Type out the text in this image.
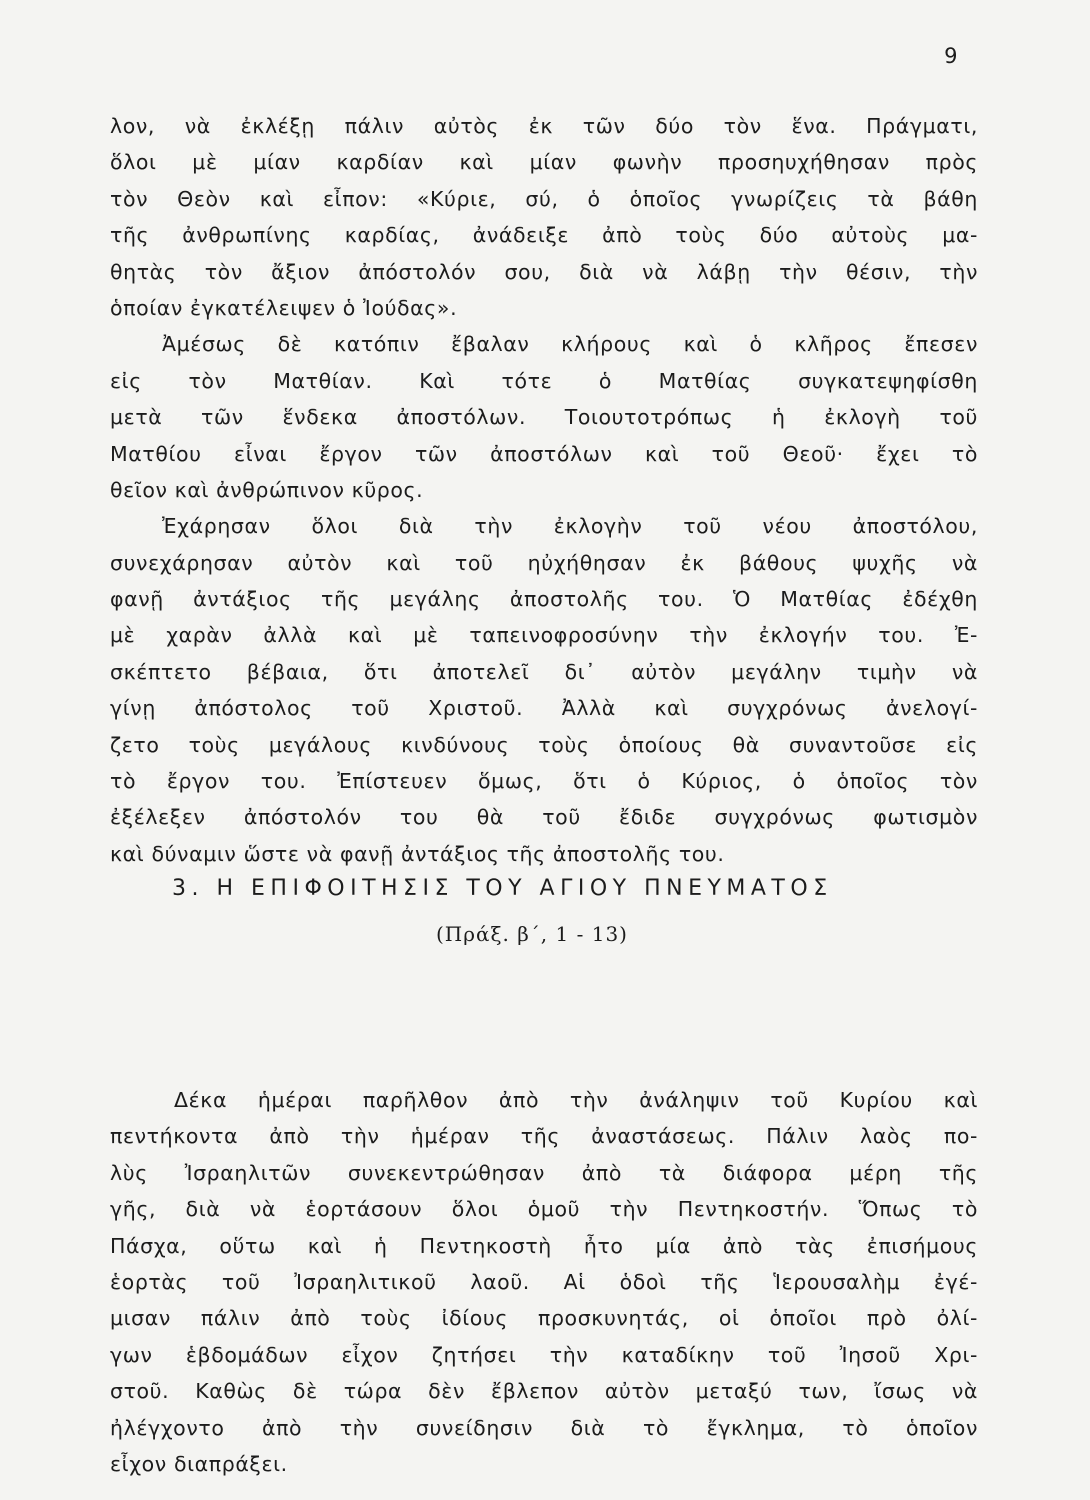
9
λον, νὰ ἐκλέξῃ πάλιν αὐτὸς ἐκ τῶν δύο τὸν ἕνα. Πράγματι,
ὅλοι μὲ μίαν καρδίαν καὶ μίαν φωνὴν προσηυχήθησαν πρὸς
τὸν Θεὸν καὶ εἶπον: «Κύριε, σύ, ὁ ὁποῖος γνωρίζεις τὰ βάθη
τῆς ἀνθρωπίνης καρδίας, ἀνάδειξε ἀπὸ τοὺς δύο αὐτοὺς μα-
θητὰς τὸν ἄξιον ἀπόστολόν σου, διὰ νὰ λάβῃ τὴν θέσιν, τὴν
ὁποίαν ἐγκατέλειψεν ὁ Ἰούδας».
Ἀμέσως δὲ κατόπιν ἔβαλαν κλήρους καὶ ὁ κλῆρος ἔπεσεν
εἰς τὸν Ματθίαν. Καὶ τότε ὁ Ματθίας συγκατεψηφίσθη
μετὰ τῶν ἕνδεκα ἀποστόλων. Τοιουτοτρόπως ἡ ἐκλογὴ τοῦ
Ματθίου εἶναι ἔργον τῶν ἀποστόλων καὶ τοῦ Θεοῦ· ἔχει τὸ
θεῖον καὶ ἀνθρώπινον κῦρος.
Ἐχάρησαν ὅλοι διὰ τὴν ἐκλογὴν τοῦ νέου ἀποστόλου,
συνεχάρησαν αὐτὸν καὶ τοῦ ηὐχήθησαν ἐκ βάθους ψυχῆς νὰ
φανῇ ἀντάξιος τῆς μεγάλης ἀποστολῆς του. Ὁ Ματθίας ἐδέχθη
μὲ χαρὰν ἀλλὰ καὶ μὲ ταπεινοφροσύνην τὴν ἐκλογήν του. Ἐ-
σκέπτετο βέβαια, ὅτι ἀποτελεῖ δι᾽ αὐτὸν μεγάλην τιμὴν νὰ
γίνῃ ἀπόστολος τοῦ Χριστοῦ. Ἀλλὰ καὶ συγχρόνως ἀνελογί-
ζετο τοὺς μεγάλους κινδύνους τοὺς ὁποίους θὰ συναντοῦσε εἰς
τὸ ἔργον του. Ἐπίστευεν ὅμως, ὅτι ὁ Κύριος, ὁ ὁποῖος τὸν
ἐξέλεξεν ἀπόστολόν του θὰ τοῦ ἔδιδε συγχρόνως φωτισμὸν
καὶ δύναμιν ὥστε νὰ φανῇ ἀντάξιος τῆς ἀποστολῆς του.
3. Η ΕΠΙΦΟΙΤΗΣΙΣ ΤΟΥ ΑΓΙΟΥ ΠΝΕΥΜΑΤΟΣ
(Πράξ. β΄, 1 - 13)
Δέκα ἡμέραι παρῆλθον ἀπὸ τὴν ἀνάληψιν τοῦ Κυρίου καὶ
πεντήκοντα ἀπὸ τὴν ἡμέραν τῆς ἀναστάσεως. Πάλιν λαὸς πο-
λὺς Ἰσραηλιτῶν συνεκεντρώθησαν ἀπὸ τὰ διάφορα μέρη τῆς
γῆς, διὰ νὰ ἑορτάσουν ὅλοι ὁμοῦ τὴν Πεντηκοστήν. Ὅπως τὸ
Πάσχα, οὕτω καὶ ἡ Πεντηκοστὴ ἦτο μία ἀπὸ τὰς ἐπισήμους
ἑορτὰς τοῦ Ἰσραηλιτικοῦ λαοῦ. Αἱ ὁδοὶ τῆς Ἱερουσαλὴμ ἐγέ-
μισαν πάλιν ἀπὸ τοὺς ἰδίους προσκυνητάς, οἱ ὁποῖοι πρὸ ὀλί-
γων ἑβδομάδων εἶχον ζητήσει τὴν καταδίκην τοῦ Ἰησοῦ Χρι-
στοῦ. Καθὼς δὲ τώρα δὲν ἔβλεπον αὐτὸν μεταξύ των, ἴσως νὰ
ἠλέγχοντο ἀπὸ τὴν συνείδησιν διὰ τὸ ἔγκλημα, τὸ ὁποῖον
εἶχον διαπράξει.
